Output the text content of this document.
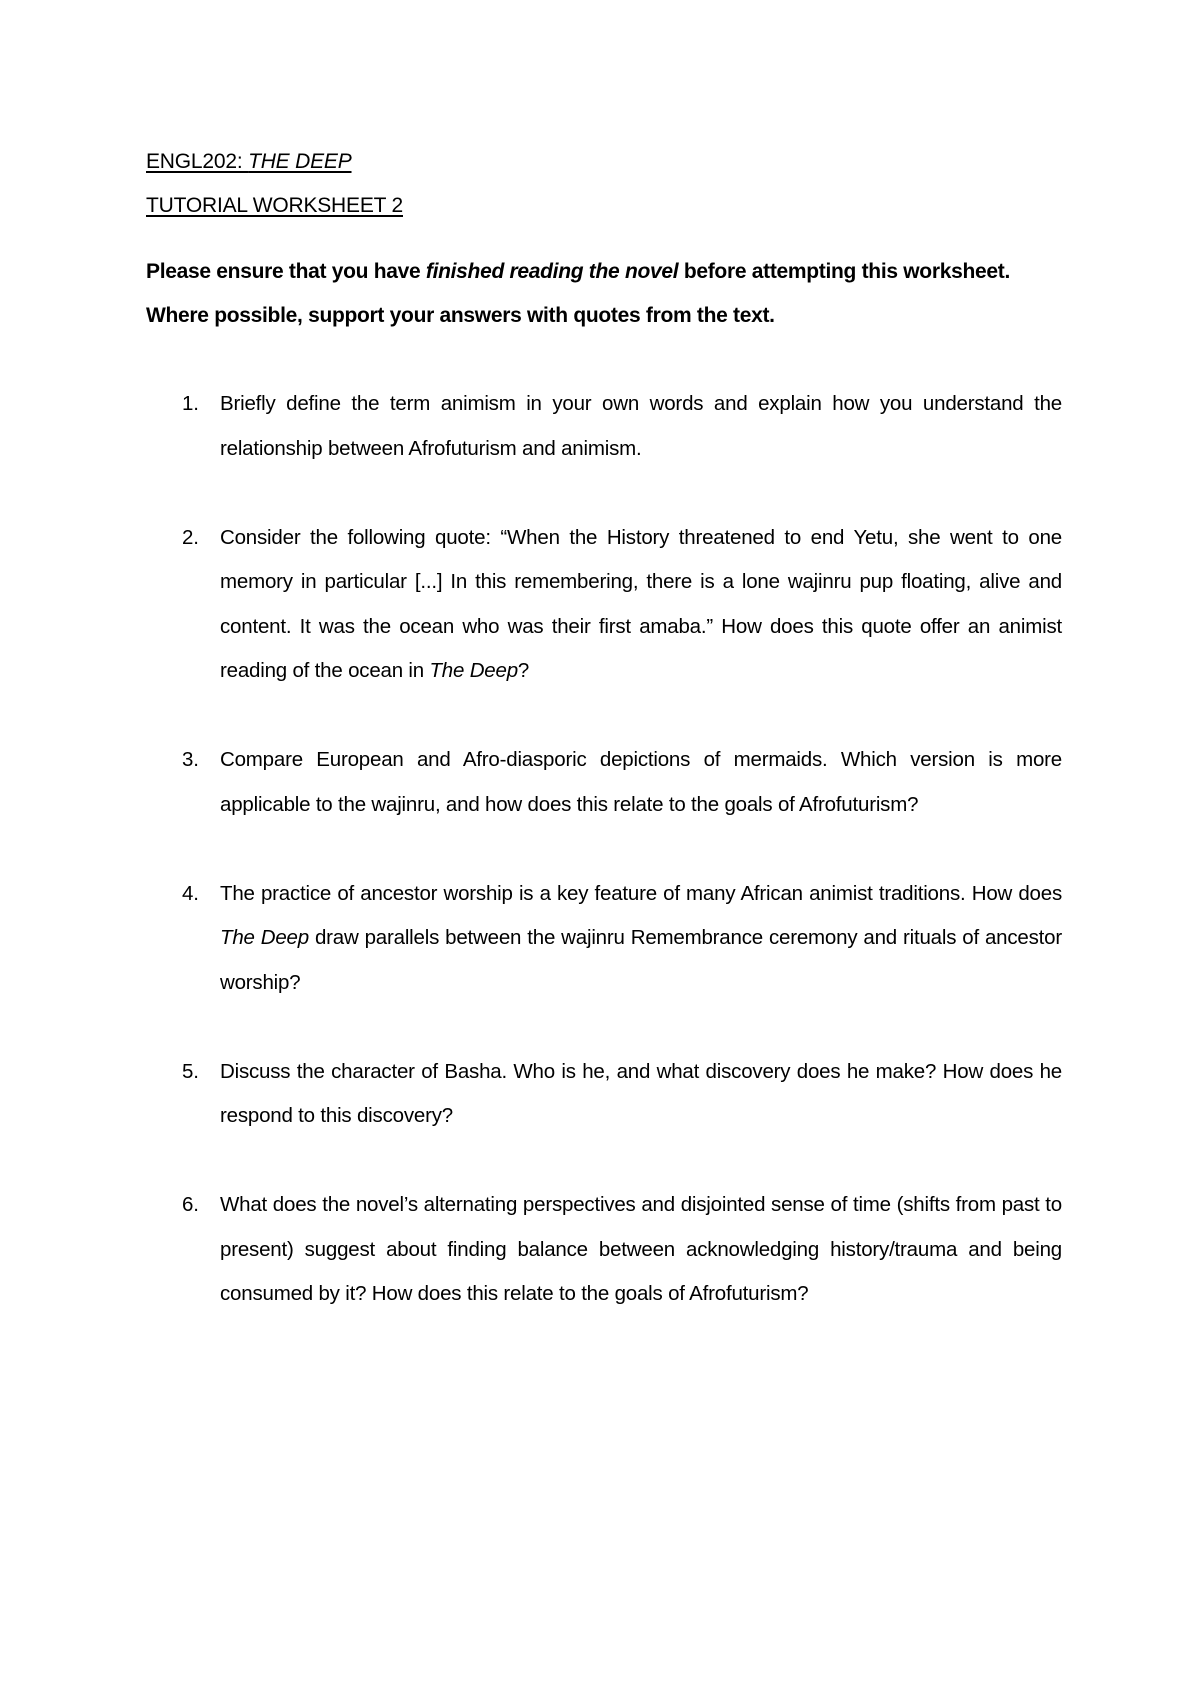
ENGL202: THE DEEP
TUTORIAL WORKSHEET 2

Please ensure that you have finished reading the novel before attempting this worksheet. Where possible, support your answers with quotes from the text.

1. Briefly define the term animism in your own words and explain how you understand the relationship between Afrofuturism and animism.
2. Consider the following quote: “When the History threatened to end Yetu, she went to one memory in particular [...] In this remembering, there is a lone wajinru pup floating, alive and content. It was the ocean who was their first amaba.” How does this quote offer an animist reading of the ocean in The Deep?
3. Compare European and Afro-diasporic depictions of mermaids. Which version is more applicable to the wajinru, and how does this relate to the goals of Afrofuturism?
4. The practice of ancestor worship is a key feature of many African animist traditions. How does The Deep draw parallels between the wajinru Remembrance ceremony and rituals of ancestor worship?
5. Discuss the character of Basha. Who is he, and what discovery does he make? How does he respond to this discovery?
6. What does the novel’s alternating perspectives and disjointed sense of time (shifts from past to present) suggest about finding balance between acknowledging history/trauma and being consumed by it? How does this relate to the goals of Afrofuturism?
